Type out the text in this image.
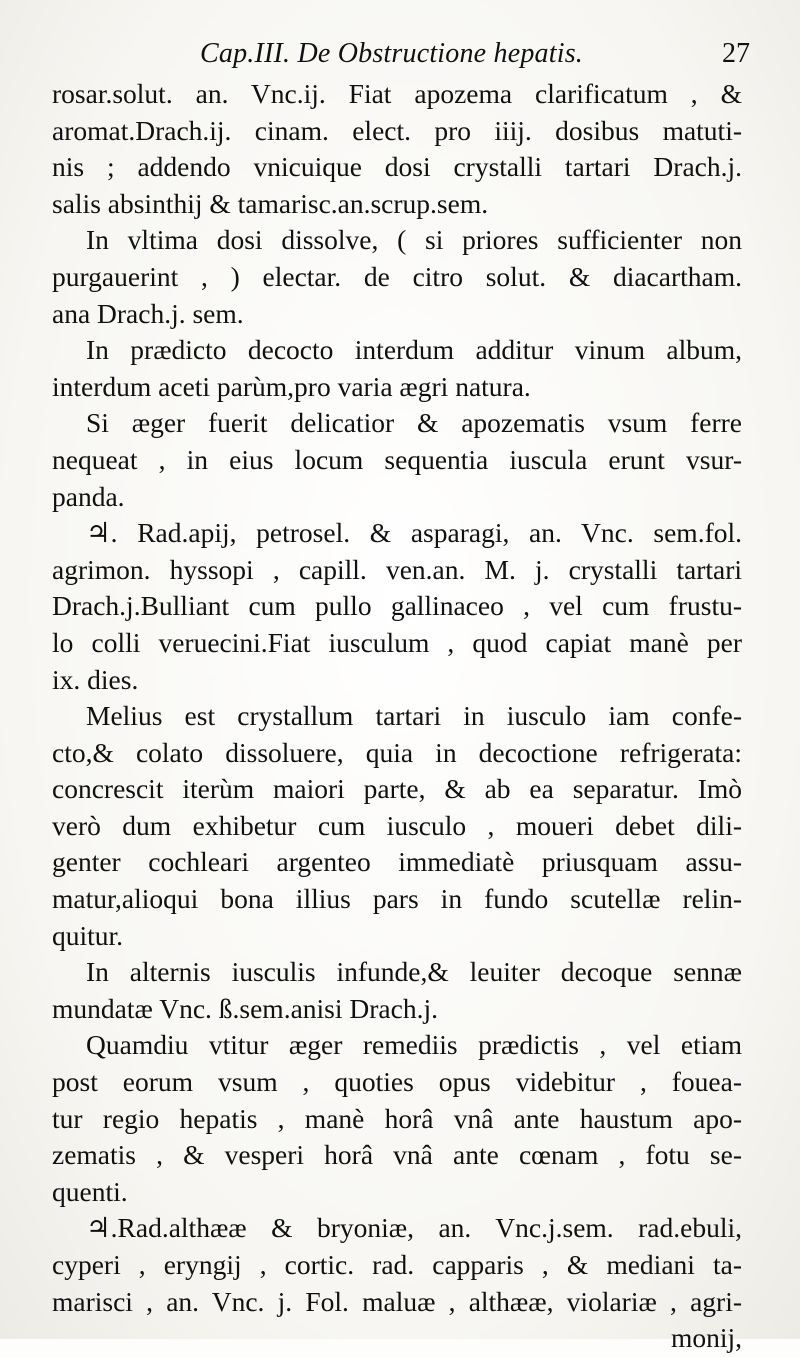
Cap.III. De Obstructione hepatis.	27
rosar.solut. an. Vnc.ij. Fiat apozema clarificatum , &
aromat.Drach.ij. cinam. elect. pro iiij. dosibus matuti-
nis ; addendo vnicuique dosi crystalli tartari Drach.j.
salis absinthij & tamarisc.an.scrup.sem.
In vltima dosi dissolve, ( si priores sufficienter non
purgauerint , ) electar. de citro solut. & diacartham.
ana Drach.j. sem.
In prædicto decocto interdum additur vinum album,
interdum aceti parùm,pro varia ægri natura.
Si æger fuerit delicatior & apozematis vsum ferre
nequeat , in eius locum sequentia iuscula erunt vsur-
panda.
♃. Rad.apij, petrosel. & asparagi, an. Vnc. sem.fol.
agrimon. hyssopi , capill. ven.an. M. j. crystalli tartari
Drach.j.Bulliant cum pullo gallinaceo , vel cum frustu-
lo colli veruecini.Fiat iusculum , quod capiat manè per
ix. dies.
Melius est crystallum tartari in iusculo iam confe-
cto,& colato dissoluere, quia in decoctione refrigerata:
concrescit iterùm maiori parte, & ab ea separatur. Imò
verò dum exhibetur cum iusculo , moueri debet dili-
genter cochleari argenteo immediatè priusquam assu-
matur,alioqui bona illius pars in fundo scutellæ relin-
quitur.
In alternis iusculis infunde,& leuiter decoque sennæ
mundatæ Vnc. ß.sem.anisi Drach.j.
Quamdiu vtitur æger remediis prædictis , vel etiam
post eorum vsum , quoties opus videbitur , fouea-
tur regio hepatis , manè horâ vnâ ante haustum apo-
zematis , & vesperi horâ vnâ ante cœnam , fotu se-
quenti.
♃.Rad.althææ & bryoniæ, an. Vnc.j.sem. rad.ebuli,
cyperi , eryngij , cortic. rad. capparis , & mediani ta-
marisci , an. Vnc. j. Fol. maluæ , althææ, violariæ , agri-
monij,
